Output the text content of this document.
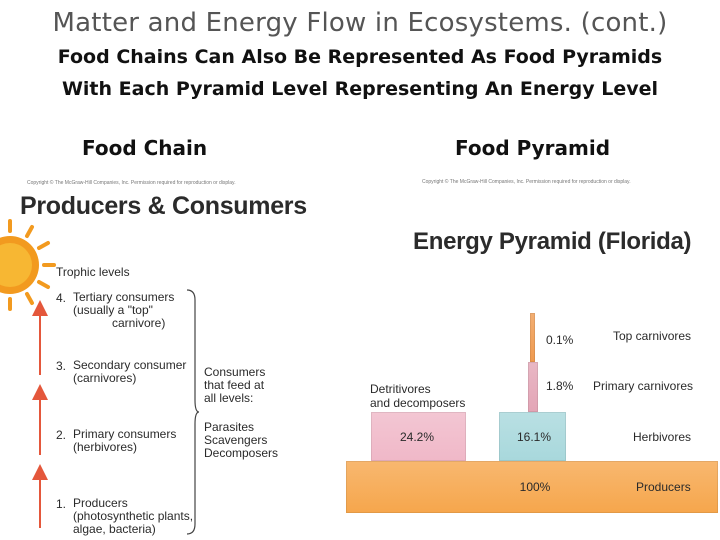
Matter and Energy Flow in Ecosystems. (cont.)
Food Chains Can Also Be Represented As Food Pyramids
With Each Pyramid Level Representing An Energy Level
Food Chain	Food Pyramid
Copyright © The McGraw-Hill Companies, Inc. Permission required for reproduction or display.
Producers & Consumers
Trophic levels
4. Tertiary consumers
(usually a "top"
carnivore)
3. Secondary consumer
(carnivores)
2. Primary consumers
(herbivores)
1. Producers
(photosynthetic plants,
algae, bacteria)
Consumers
that feed at
all levels:
Parasites
Scavengers
Decomposers
Copyright © The McGraw-Hill Companies, Inc. Permission required for reproduction or display.
Energy Pyramid (Florida)
100%
16.1%
1.8%
0.1%
24.2%
Producers
Herbivores
Primary carnivores
Top carnivores
Detritivores
and decomposers
